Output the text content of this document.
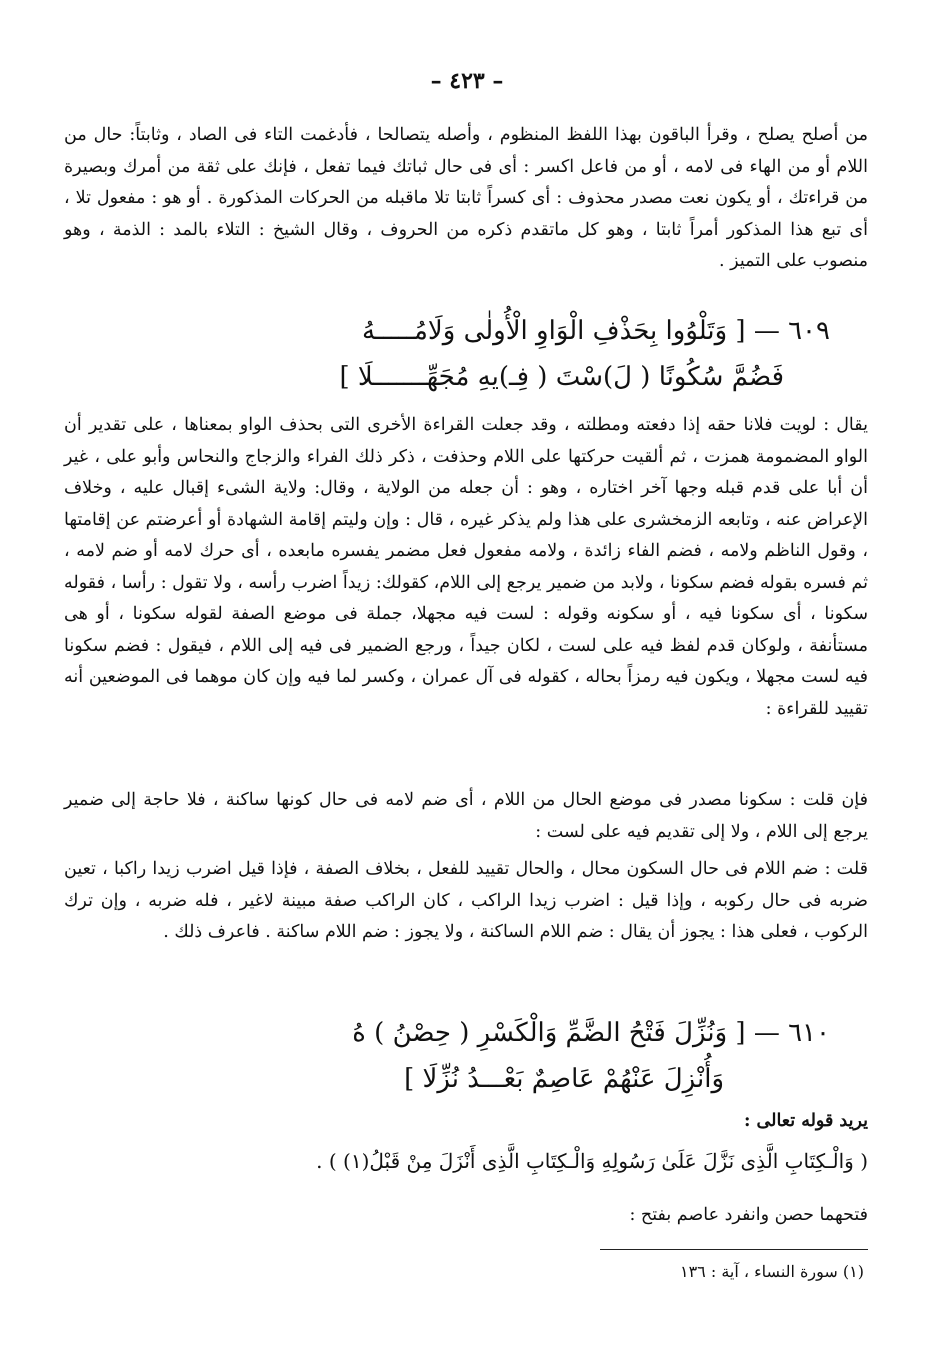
– ٤٢٣ –

من أصلح يصلح ، وقرأ الباقون بهذا اللفظ المنظوم ، وأصله يتصالحا ، فأدغمت التاء فى الصاد ، وثابتاً: حال من اللام أو من الهاء فى لامه ، أو من فاعل اكسر : أى فى حال ثباتك فيما تفعل ، فإنك على ثقة من أمرك وبصيرة من قراءتك ، أو يكون نعت مصدر محذوف : أى كسراً ثابتا تلا ماقبله من الحركات المذكورة . أو هو : مفعول تلا ، أى تبع هذا المذكور أمراً ثابتا ، وهو كل ماتقدم ذكره من الحروف ، وقال الشيخ : التلاء بالمد : الذمة ، وهو منصوب على التميز .

٦٠٩ — [ وَتَلْوُوا بِحَذْفِ الْوَاوِ الْأُولٰى وَلَامُـــــهُ
فَضُمَّ سُكُونًا ( لَ)سْتَ ( فِـ)يهِ مُجَهِّـــــــلَا ]

يقال : لويت فلانا حقه إذا دفعته ومطلته ، وقد جعلت القراءة الأخرى التى بحذف الواو بمعناها ، على تقدير أن الواو المضمومة همزت ، ثم ألقيت حركتها على اللام وحذفت ، ذكر ذلك الفراء والزجاج والنحاس وأبو على ، غير أن أبا على قدم قبله وجها آخر اختاره ، وهو : أن جعله من الولاية ، وقال: ولاية الشىء إقبال عليه ، وخلاف الإعراض عنه ، وتابعه الزمخشرى على هذا ولم يذكر غيره ، قال : وإن وليتم إقامة الشهادة أو أعرضتم عن إقامتها ، وقول الناظم ولامه ، فضم الفاء زائدة ، ولامه مفعول فعل مضمر يفسره مابعده ، أى حرك لامه أو ضم لامه ، ثم فسره بقوله فضم سكونا ، ولابد من ضمير يرجع إلى اللام، كقولك: زيداً اضرب رأسه ، ولا تقول : رأسا ، فقوله سكونا ، أى سكونا فيه ، أو سكونه وقوله : لست فيه مجهلا، جملة فى موضع الصفة لقوله سكونا ، أو هى مستأنفة ، ولوكان قدم لفظ فيه على لست ، لكان جيداً ، ورجع الضمير فى فيه إلى اللام ، فيقول : فضم سكونا فيه لست مجهلا ، ويكون فيه رمزاً بحاله ، كقوله فى آل عمران ، وكسر لما فيه وإن كان موهما فى الموضعين أنه تقييد للقراءة :

فإن قلت : سكونا مصدر فى موضع الحال من اللام ، أى ضم لامه فى حال كونها ساكنة ، فلا حاجة إلى ضمير يرجع إلى اللام ، ولا إلى تقديم فيه على لست :

قلت : ضم اللام فى حال السكون محال ، والحال تقييد للفعل ، بخلاف الصفة ، فإذا قيل اضرب زيدا راكبا ، تعين ضربه فى حال ركوبه ، وإذا قيل : اضرب زيدا الراكب ، كان الراكب صفة مبينة لاغير ، فله ضربه ، وإن ترك الركوب ، فعلى هذا : يجوز أن يقال : ضم اللام الساكنة ، ولا يجوز : ضم اللام ساكنة . فاعرف ذلك .

٦١٠ — [ وَنُزِّلَ فَتْحُ الضَّمِّ وَالْكَسْرِ ( حِصْنُ ) هُ
وَأُنْزِلَ عَنْهُمْ عَاصِمٌ بَعْـــدُ نُزِّلَا ]

يريد قوله تعالى :

( وَالْـكِتَابِ الَّذِى نَزَّلَ عَلَىٰ رَسُولِهِ وَالْـكِتَابِ الَّذِى أَنْزَلَ مِنْ قَبْلُ(١) ) .

فتحهما حصن وانفرد عاصم بفتح :

(١) سورة النساء ، آية : ١٣٦
